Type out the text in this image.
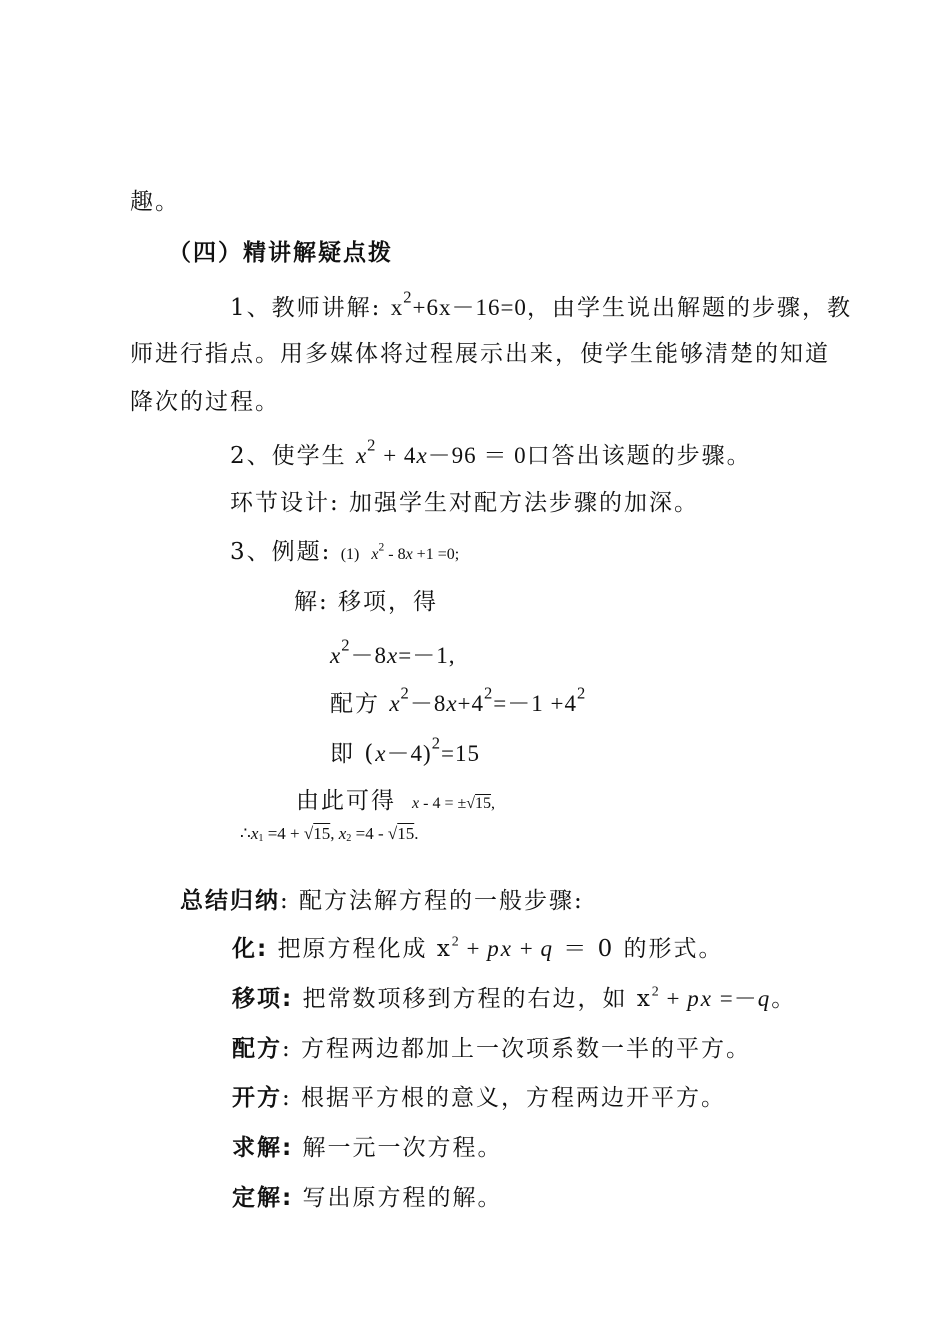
趣。
（四）精讲解疑点拨
1、教师讲解: $x^2+6x-16=0$，由学生说出解题的步骤，教
师进行指点。用多媒体将过程展示出来，使学生能够清楚的知道
降次的过程。
2、使学生 $x^2 + 4x-96 = 0$口答出该题的步骤。
环节设计: 加强学生对配方法步骤的加深。
3、例题: (1) $x^2 - 8x +1 =0$;
解: 移项，得
$x^2-8x=-1$,
配方 $x^2-8x+4^2=-1 +4^2$
即 $(x-4)^2=15$
由此可得 x - 4 = ±√15,
$\therefore x_1 =4 + √15$, $x_2 =4 - √15$.
总结归纳: 配方法解方程的一般步骤:
化: 把原方程化成 $x^2$ + px + q ＝ 0 的形式。
移项: 把常数项移到方程的右边，如 $x^2$ + px =－q。
配方: 方程两边都加上一次项系数一半的平方。
开方: 根据平方根的意义，方程两边开平方。
求解: 解一元一次方程。
定解: 写出原方程的解。
